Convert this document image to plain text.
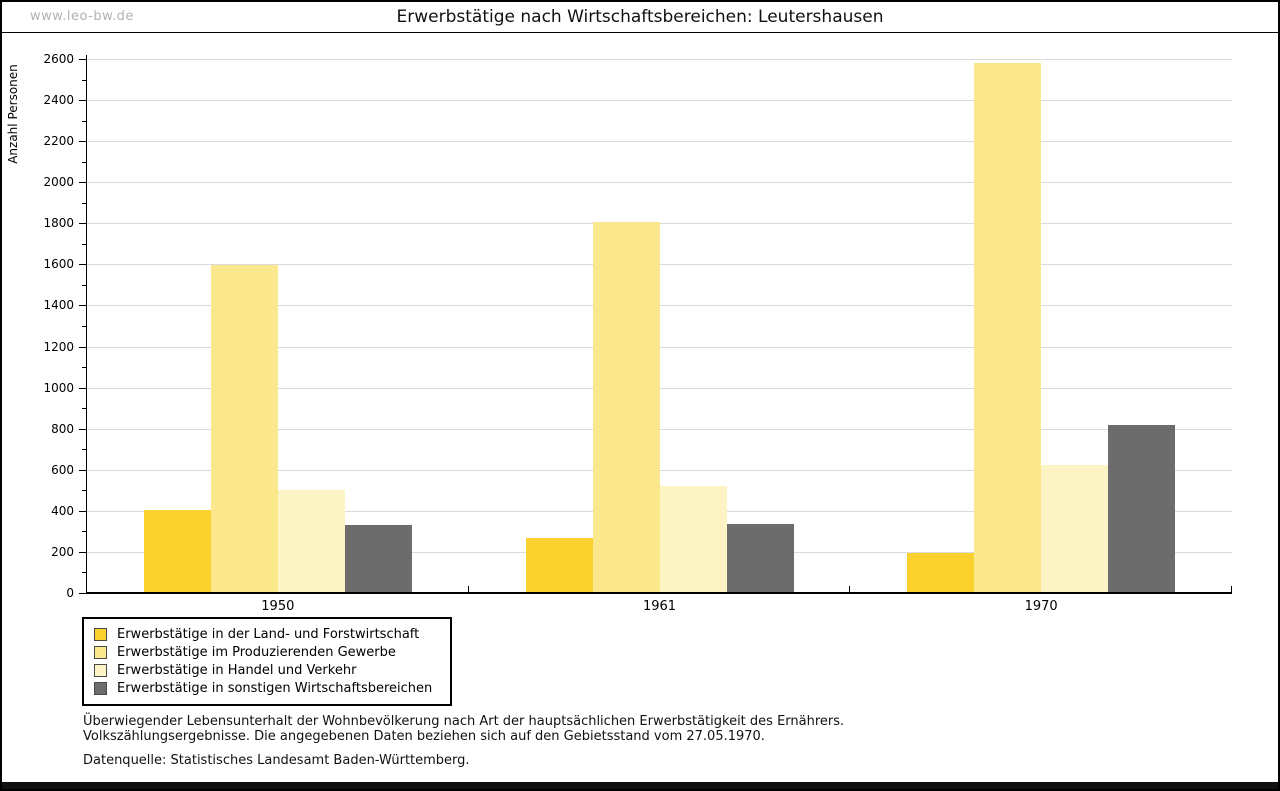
www.leo-bw.de	Erwerbstätige nach Wirtschaftsbereichen: Leutershausen
Anzahl Personen
0
200
400
600
800
1000
1200
1400
1600
1800
2000
2200
2400
2600
1950	1961	1970
Erwerbstätige in der Land- und Forstwirtschaft
Erwerbstätige im Produzierenden Gewerbe
Erwerbstätige in Handel und Verkehr
Erwerbstätige in sonstigen Wirtschaftsbereichen
Überwiegender Lebensunterhalt der Wohnbevölkerung nach Art der hauptsächlichen Erwerbstätigkeit des Ernährers.
Volkszählungsergebnisse. Die angegebenen Daten beziehen sich auf den Gebietsstand vom 27.05.1970.
Datenquelle: Statistisches Landesamt Baden-Württemberg.
